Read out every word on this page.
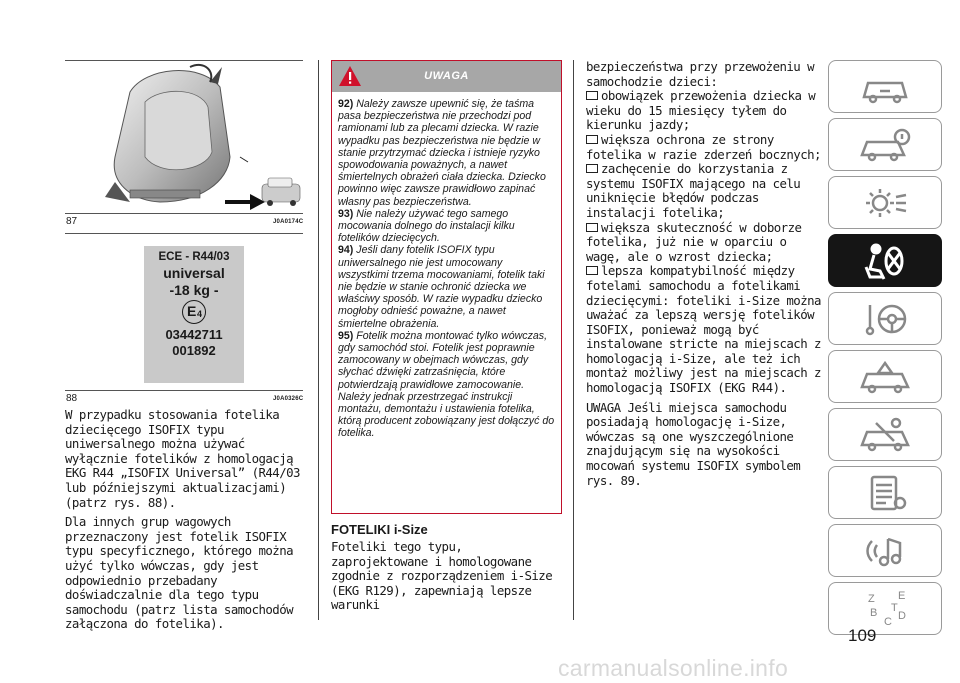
87	J0A0174C
ECE - R44/03
universal
-18 kg -
E 4
03442711
001892
88	J0A0326C

W przypadku stosowania fotelika dziecięcego ISOFIX typu uniwersalnego można używać wyłącznie fotelików z homologacją EKG R44 „ISOFIX Universal” (R44/03 lub późniejszymi aktualizacjami) (patrz rys. 88).

Dla innych grup wagowych przeznaczony jest fotelik ISOFIX typu specyficznego, którego można użyć tylko wówczas, gdy jest odpowiednio przebadany doświadczalnie dla tego typu samochodu (patrz lista samochodów załączona do fotelika).

UWAGA

92) Należy zawsze upewnić się, że taśma pasa bezpieczeństwa nie przechodzi pod ramionami lub za plecami dziecka. W razie wypadku pas bezpieczeństwa nie będzie w stanie przytrzymać dziecka i istnieje ryzyko spowodowania poważnych, a nawet śmiertelnych obrażeń ciała dziecka. Dziecko powinno więc zawsze prawidłowo zapinać własny pas bezpieczeństwa.

93) Nie należy używać tego samego mocowania dolnego do instalacji kilku fotelików dziecięcych.

94) Jeśli dany fotelik ISOFIX typu uniwersalnego nie jest umocowany wszystkimi trzema mocowaniami, fotelik taki nie będzie w stanie ochronić dziecka we właściwy sposób. W razie wypadku dziecko mogłoby odnieść poważne, a nawet śmiertelne obrażenia.

95) Fotelik można montować tylko wówczas, gdy samochód stoi. Fotelik jest poprawnie zamocowany w obejmach wówczas, gdy słychać dźwięki zatrzaśnięcia, które potwierdzają prawidłowe zamocowanie. Należy jednak przestrzegać instrukcji montażu, demontażu i ustawienia fotelika, którą producent zobowiązany jest dołączyć do fotelika.

FOTELIKI i-Size

Foteliki tego typu, zaprojektowane i homologowane zgodnie z rozporządzeniem i-Size (EKG R129), zapewniają lepsze warunki

bezpieczeństwa przy przewożeniu w samochodzie dzieci:

obowiązek przewożenia dziecka w wieku do 15 miesięcy tyłem do kierunku jazdy;
większa ochrona ze strony fotelika w razie zderzeń bocznych;
zachęcenie do korzystania z systemu ISOFIX mającego na celu uniknięcie błędów podczas instalacji fotelika;
większa skuteczność w doborze fotelika, już nie w oparciu o wagę, ale o wzrost dziecka;
lepsza kompatybilność między fotelami samochodu a fotelikami dziecięcymi: foteliki i-Size można uważać za lepszą wersję fotelików ISOFIX, ponieważ mogą być instalowane stricte na miejscach z homologacją i-Size, ale też ich montaż możliwy jest na miejscach z homologacją ISOFIX (EKG R44).

UWAGA Jeśli miejsca samochodu posiadają homologację i-Size, wówczas są one wyszczególnione znajdującym się na wysokości mocowań systemu ISOFIX symbolem rys. 89.

Z E
B
C D
T
109
carmanualsonline.info
